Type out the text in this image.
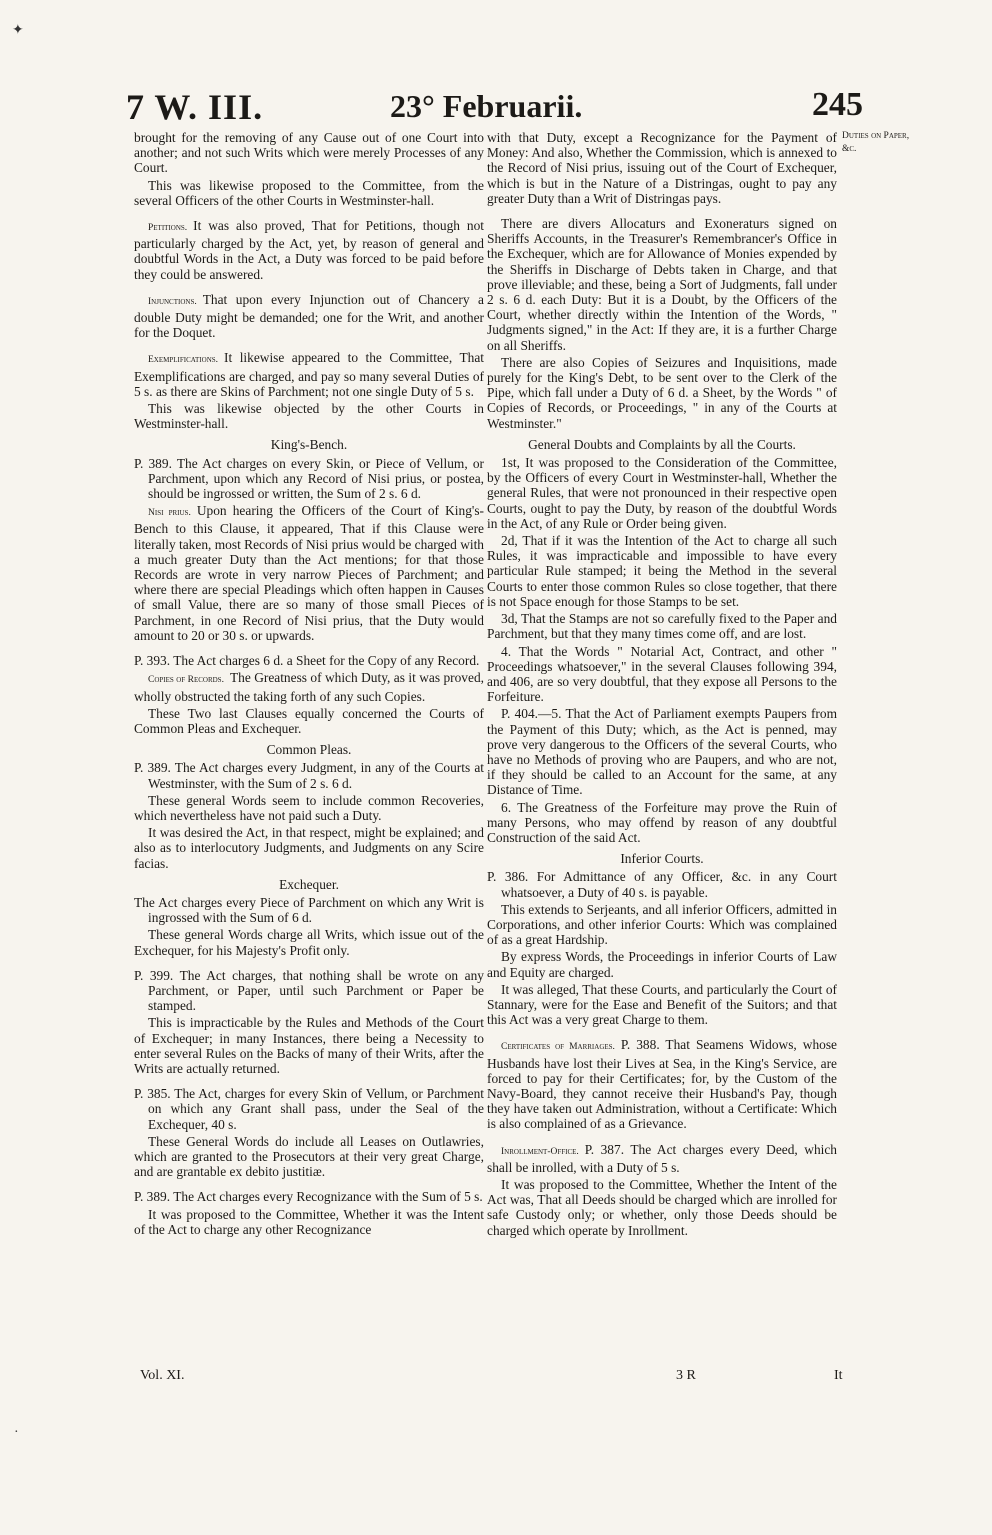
7 W. III.	23° Februarii.	245
brought for the removing of any Cause out of one Court into another; and not such Writs which were merely Processes of any Court.
This was likewise proposed to the Committee, from the several Officers of the other Courts in Westminster-hall.
Petitions. It was also proved, That for Petitions, though not particularly charged by the Act, yet, by reason of general and doubtful Words in the Act, a Duty was forced to be paid before they could be answered.
Injunctions. That upon every Injunction out of Chancery a double Duty might be demanded; one for the Writ, and another for the Doquet.
Exemplifications. It likewise appeared to the Committee, That Exemplifications are charged, and pay so many several Duties of 5 s. as there are Skins of Parchment; not one single Duty of 5 s.
This was likewise objected by the other Courts in Westminster-hall.
King's-Bench.
P. 389. The Act charges on every Skin, or Piece of Vellum, or Parchment, upon which any Record of Nisi prius, or postea, should be ingrossed or written, the Sum of 2 s. 6 d.
Nisi prius. Upon hearing the Officers of the Court of King's-Bench to this Clause, it appeared, That if this Clause were literally taken, most Records of Nisi prius would be charged with a much greater Duty than the Act mentions; for that those Records are wrote in very narrow Pieces of Parchment; and where there are special Pleadings which often happen in Causes of small Value, there are so many of those small Pieces of Parchment, in one Record of Nisi prius, that the Duty would amount to 20 or 30 s. or upwards.
P. 393. The Act charges 6 d. a Sheet for the Copy of any Record.
Copies of Records. The Greatness of which Duty, as it was proved, wholly obstructed the taking forth of any such Copies.
These Two last Clauses equally concerned the Courts of Common Pleas and Exchequer.
Common Pleas.
P. 389. The Act charges every Judgment, in any of the Courts at Westminster, with the Sum of 2 s. 6 d.
These general Words seem to include common Recoveries, which nevertheless have not paid such a Duty.
It was desired the Act, in that respect, might be explained; and also as to interlocutory Judgments, and Judgments on any Scire facias.
Exchequer.
The Act charges every Piece of Parchment on which any Writ is ingrossed with the Sum of 6 d.
These general Words charge all Writs, which issue out of the Exchequer, for his Majesty's Profit only.
P. 399. The Act charges, that nothing shall be wrote on any Parchment, or Paper, until such Parchment or Paper be stamped.
This is impracticable by the Rules and Methods of the Court of Exchequer; in many Instances, there being a Necessity to enter several Rules on the Backs of many of their Writs, after the Writs are actually returned.
P. 385. The Act, charges for every Skin of Vellum, or Parchment on which any Grant shall pass, under the Seal of the Exchequer, 40 s.
These General Words do include all Leases on Outlawries, which are granted to the Prosecutors at their very great Charge, and are grantable ex debito justitiæ.
P. 389. The Act charges every Recognizance with the Sum of 5 s.
It was proposed to the Committee, Whether it was the Intent of the Act to charge any other Recognizance
with that Duty, except a Recognizance for the Payment of Money: And also, Whether the Commission, which is annexed to the Record of Nisi prius, issuing out of the Court of Exchequer, which is but in the Nature of a Distringas, ought to pay any greater Duty than a Writ of Distringas pays.
There are divers Allocaturs and Exoneraturs signed on Sheriffs Accounts, in the Treasurer's Remembrancer's Office in the Exchequer, which are for Allowance of Monies expended by the Sheriffs in Discharge of Debts taken in Charge, and that prove illeviable; and these, being a Sort of Judgments, fall under 2 s. 6 d. each Duty: But it is a Doubt, by the Officers of the Court, whether directly within the Intention of the Words, " Judgments signed," in the Act: If they are, it is a further Charge on all Sheriffs.
There are also Copies of Seizures and Inquisitions, made purely for the King's Debt, to be sent over to the Clerk of the Pipe, which fall under a Duty of 6 d. a Sheet, by the Words " of Copies of Records, or Proceedings, " in any of the Courts at Westminster."
General Doubts and Complaints by all the Courts.
1st, It was proposed to the Consideration of the Committee, by the Officers of every Court in Westminster-hall, Whether the general Rules, that were not pronounced in their respective open Courts, ought to pay the Duty, by reason of the doubtful Words in the Act, of any Rule or Order being given.
2d, That if it was the Intention of the Act to charge all such Rules, it was impracticable and impossible to have every particular Rule stamped; it being the Method in the several Courts to enter those common Rules so close together, that there is not Space enough for those Stamps to be set.
3d, That the Stamps are not so carefully fixed to the Paper and Parchment, but that they many times come off, and are lost.
4. That the Words " Notarial Act, Contract, and other " Proceedings whatsoever," in the several Clauses following 394, and 406, are so very doubtful, that they expose all Persons to the Forfeiture.
P. 404.—5. That the Act of Parliament exempts Paupers from the Payment of this Duty; which, as the Act is penned, may prove very dangerous to the Officers of the several Courts, who have no Methods of proving who are Paupers, and who are not, if they should be called to an Account for the same, at any Distance of Time.
6. The Greatness of the Forfeiture may prove the Ruin of many Persons, who may offend by reason of any doubtful Construction of the said Act.
Inferior Courts.
P. 386. For Admittance of any Officer, &c. in any Court whatsoever, a Duty of 40 s. is payable.
This extends to Serjeants, and all inferior Officers, admitted in Corporations, and other inferior Courts: Which was complained of as a great Hardship.
By express Words, the Proceedings in inferior Courts of Law and Equity are charged.
It was alleged, That these Courts, and particularly the Court of Stannary, were for the Ease and Benefit of the Suitors; and that this Act was a very great Charge to them.
Certificates of Marriages. P. 388. That Seamens Widows, whose Husbands have lost their Lives at Sea, in the King's Service, are forced to pay for their Certificates; for, by the Custom of the Navy-Board, they cannot receive their Husband's Pay, though they have taken out Administration, without a Certificate: Which is also complained of as a Grievance.
Inrollment-Office. P. 387. The Act charges every Deed, which shall be inrolled, with a Duty of 5 s.
It was proposed to the Committee, Whether the Intent of the Act was, That all Deeds should be charged which are inrolled for safe Custody only; or whether, only those Deeds should be charged which operate by Inrollment.
Duties on Paper, &c.
Vol. XI.	3 R	It
✦
·
